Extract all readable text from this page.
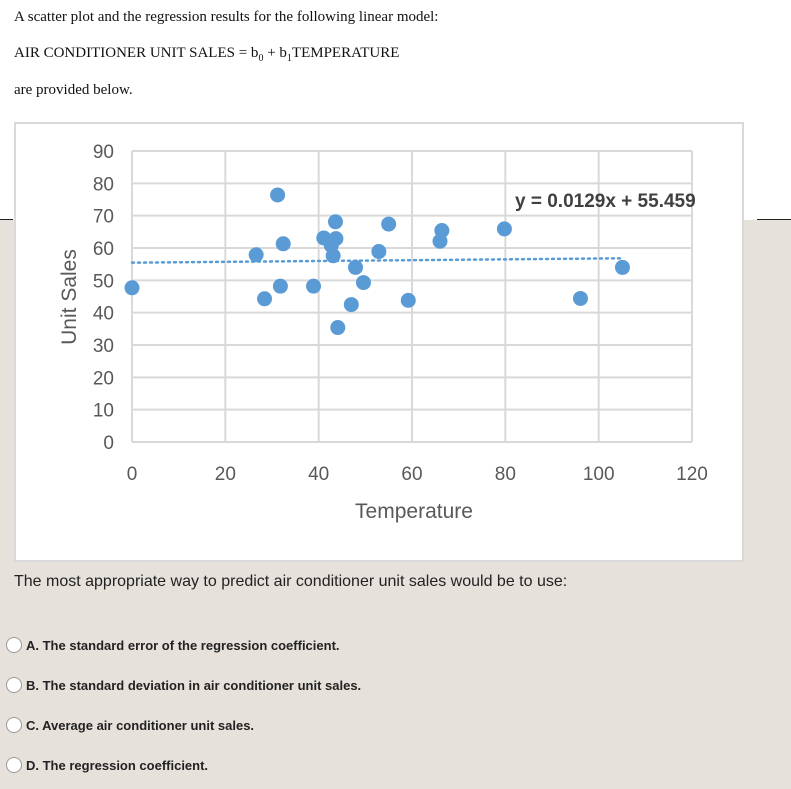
A scatter plot and the regression results for the following linear model:
AIR CONDITIONER UNIT SALES = $b_0$ + $b_1TEMPERATURE$
are provided below.
0
10
20
30
40
50
60
70
80
90
0	20	40	60	80	100	120
y = 0.0129x + 55.459
Temperature
Unit Sales
The most appropriate way to predict air conditioner unit sales would be to use:
A. The standard error of the regression coefficient.
B. The standard deviation in air conditioner unit sales.
C. Average air conditioner unit sales.
D. The regression coefficient.
